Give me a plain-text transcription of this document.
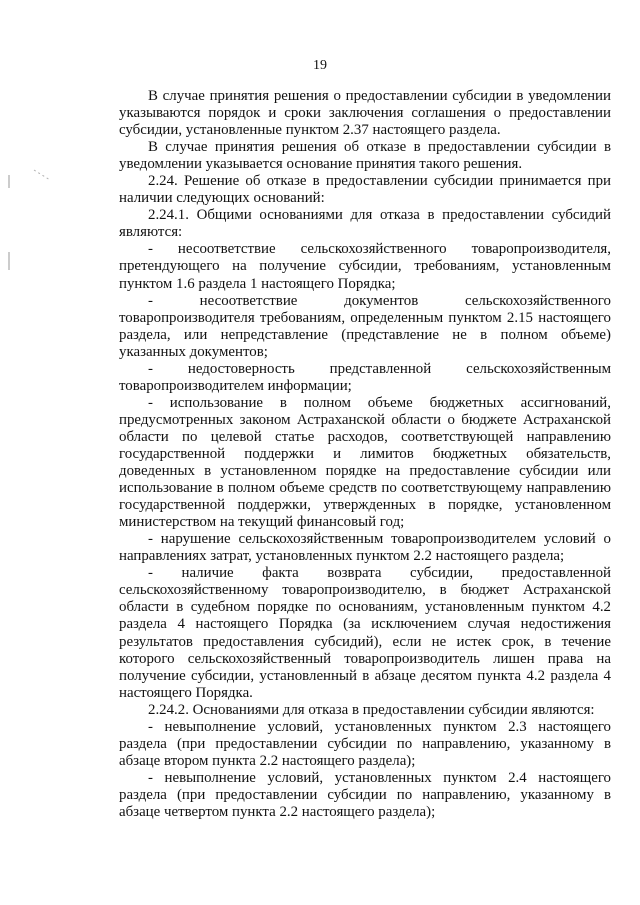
19

В случае принятия решения о предоставлении субсидии в уведомлении указываются порядок и сроки заключения соглашения о предоставлении субсидии, установленные пунктом 2.37 настоящего раздела.

В случае принятия решения об отказе в предоставлении субсидии в уведомлении указывается основание принятия такого решения.

2.24. Решение об отказе в предоставлении субсидии принимается при наличии следующих оснований:

2.24.1. Общими основаниями для отказа в предоставлении субсидий являются:

- несоответствие сельскохозяйственного товаропроизводителя, претендующего на получение субсидии, требованиям, установленным пунктом 1.6 раздела 1 настоящего Порядка;

- несоответствие документов сельскохозяйственного товаропроизводителя требованиям, определенным пунктом 2.15 настоящего раздела, или непредставление (представление не в полном объеме) указанных документов;

- недостоверность представленной сельскохозяйственным товаропроизводителем информации;

- использование в полном объеме бюджетных ассигнований, предусмотренных законом Астраханской области о бюджете Астраханской области по целевой статье расходов, соответствующей направлению государственной поддержки и лимитов бюджетных обязательств, доведенных в установленном порядке на предоставление субсидии или использование в полном объеме средств по соответствующему направлению государственной поддержки, утвержденных в порядке, установленном министерством на текущий финансовый год;

- нарушение сельскохозяйственным товаропроизводителем условий о направлениях затрат, установленных пунктом 2.2 настоящего раздела;

- наличие факта возврата субсидии, предоставленной сельскохозяйственному товаропроизводителю, в бюджет Астраханской области в судебном порядке по основаниям, установленным пунктом 4.2 раздела 4 настоящего Порядка (за исключением случая недостижения результатов предоставления субсидий), если не истек срок, в течение которого сельскохозяйственный товаропроизводитель лишен права на получение субсидии, установленный в абзаце десятом пункта 4.2 раздела 4 настоящего Порядка.

2.24.2. Основаниями для отказа в предоставлении субсидии являются:

- невыполнение условий, установленных пунктом 2.3 настоящего раздела (при предоставлении субсидии по направлению, указанному в абзаце втором пункта 2.2 настоящего раздела);

- невыполнение условий, установленных пунктом 2.4 настоящего раздела (при предоставлении субсидии по направлению, указанному в абзаце четвертом пункта 2.2 настоящего раздела);
